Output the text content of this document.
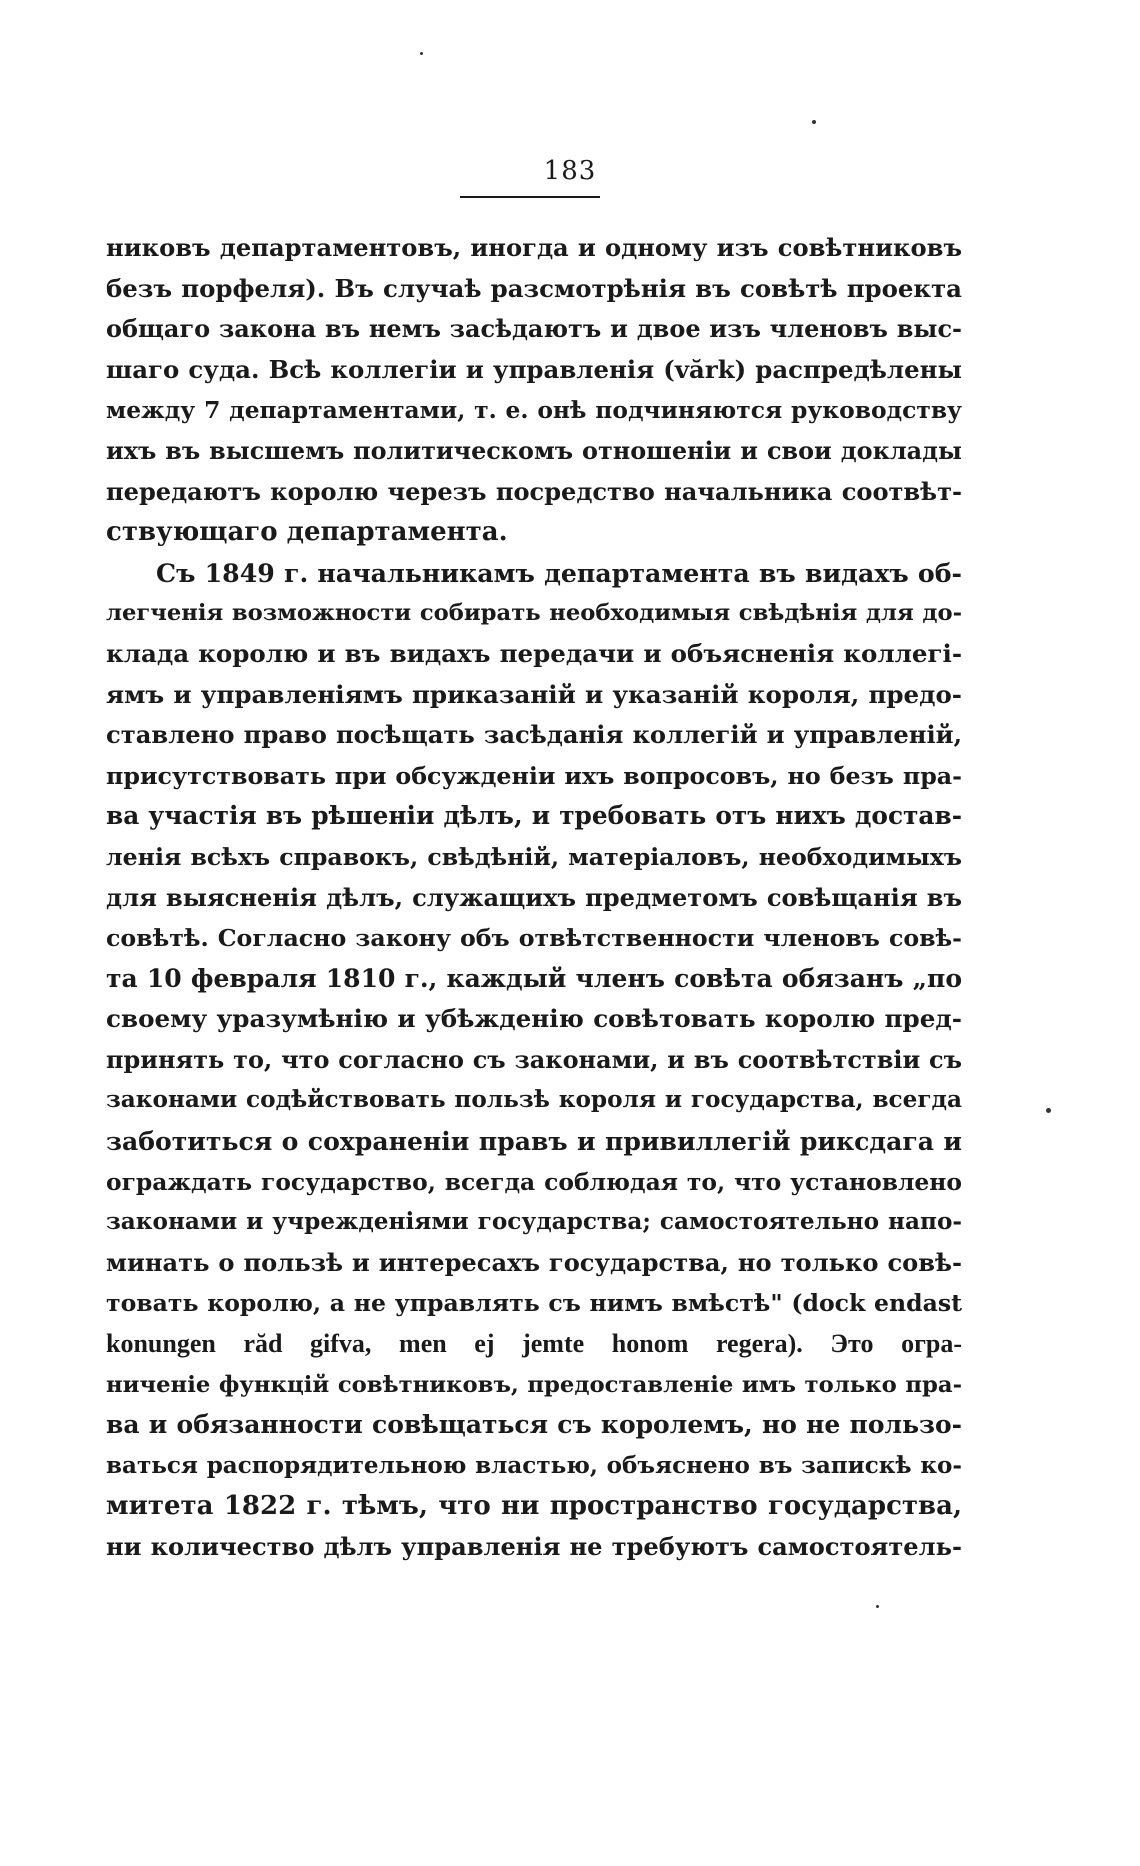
183
никовъ департаментовъ, иногда и одному изъ совѣтниковъ
безъ порфеля). Въ случаѣ разсмотрѣнія въ совѣтѣ проекта
общаго закона въ немъ засѣдаютъ и двое изъ членовъ выс-
шаго суда. Всѣ коллегіи и управленія (vărk) распредѣлены
между 7 департаментами, т. е. онѣ подчиняются руководству
ихъ въ высшемъ политическомъ отношеніи и свои доклады
передаютъ королю черезъ посредство начальника соотвѣт-
ствующаго департамента.
Съ 1849 г. начальникамъ департамента въ видахъ об-
легченія возможности собирать необходимыя свѣдѣнія для до-
клада королю и въ видахъ передачи и объясненія коллегі-
ямъ и управленіямъ приказаній и указаній короля, предо-
ставлено право посѣщать засѣданія коллегій и управленій,
присутствовать при обсужденіи ихъ вопросовъ, но безъ пра-
ва участія въ рѣшеніи дѣлъ, и требовать отъ нихъ достав-
ленія всѣхъ справокъ, свѣдѣній, матеріаловъ, необходимыхъ
для выясненія дѣлъ, служащихъ предметомъ совѣщанія въ
совѣтѣ. Согласно закону объ отвѣтственности членовъ совѣ-
та 10 февраля 1810 г., каждый членъ совѣта обязанъ „по
своему уразумѣнію и убѣжденію совѣтовать королю пред-
принять то, что согласно съ законами, и въ соотвѣтствіи съ
законами содѣйствовать пользѣ короля и государства, всегда
заботиться о сохраненіи правъ и привиллегій риксдага и
ограждать государство, всегда соблюдая то, что установлено
законами и учрежденіями государства; самостоятельно напо-
минать о пользѣ и интересахъ государства, но только совѣ-
товать королю, а не управлять съ нимъ вмѣстѣ" (dock endast
konungen răd gifva, men ej jemte honom regera). Это огра-
ниченіе функцій совѣтниковъ, предоставленіе имъ только пра-
ва и обязанности совѣщаться съ королемъ, но не пользо-
ваться распорядительною властью, объяснено въ запискѣ ко-
митета 1822 г. тѣмъ, что ни пространство государства,
ни количество дѣлъ управленія не требуютъ самостоятель-
